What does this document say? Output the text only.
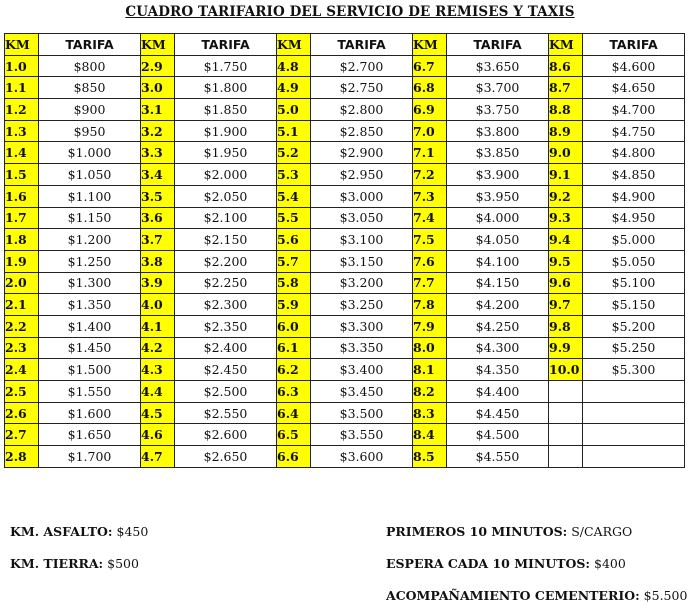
CUADRO TARIFARIO DEL SERVICIO DE REMISES Y TAXIS
KM	TARIFA	KM	TARIFA	KM	TARIFA	KM	TARIFA	KM	TARIFA
1.0	$800	2.9	$1.750	4.8	$2.700	6.7	$3.650	8.6	$4.600
1.1	$850	3.0	$1.800	4.9	$2.750	6.8	$3.700	8.7	$4.650
1.2	$900	3.1	$1.850	5.0	$2.800	6.9	$3.750	8.8	$4.700
1.3	$950	3.2	$1.900	5.1	$2.850	7.0	$3.800	8.9	$4.750
1.4	$1.000	3.3	$1.950	5.2	$2.900	7.1	$3.850	9.0	$4.800
1.5	$1.050	3.4	$2.000	5.3	$2.950	7.2	$3.900	9.1	$4.850
1.6	$1.100	3.5	$2.050	5.4	$3.000	7.3	$3.950	9.2	$4.900
1.7	$1.150	3.6	$2.100	5.5	$3.050	7.4	$4.000	9.3	$4.950
1.8	$1.200	3.7	$2.150	5.6	$3.100	7.5	$4.050	9.4	$5.000
1.9	$1.250	3.8	$2.200	5.7	$3.150	7.6	$4.100	9.5	$5.050
2.0	$1.300	3.9	$2.250	5.8	$3.200	7.7	$4.150	9.6	$5.100
2.1	$1.350	4.0	$2.300	5.9	$3.250	7.8	$4.200	9.7	$5.150
2.2	$1.400	4.1	$2.350	6.0	$3.300	7.9	$4.250	9.8	$5.200
2.3	$1.450	4.2	$2.400	6.1	$3.350	8.0	$4.300	9.9	$5.250
2.4	$1.500	4.3	$2.450	6.2	$3.400	8.1	$4.350	10.0	$5.300
2.5	$1.550	4.4	$2.500	6.3	$3.450	8.2	$4.400		
2.6	$1.600	4.5	$2.550	6.4	$3.500	8.3	$4.450		
2.7	$1.650	4.6	$2.600	6.5	$3.550	8.4	$4.500		
2.8	$1.700	4.7	$2.650	6.6	$3.600	8.5	$4.550		
KM. ASFALTO: $450
KM. TIERRA: $500
PRIMEROS 10 MINUTOS: S/CARGO
ESPERA CADA 10 MINUTOS: $400
ACOMPAÑAMIENTO CEMENTERIO: $5.500
